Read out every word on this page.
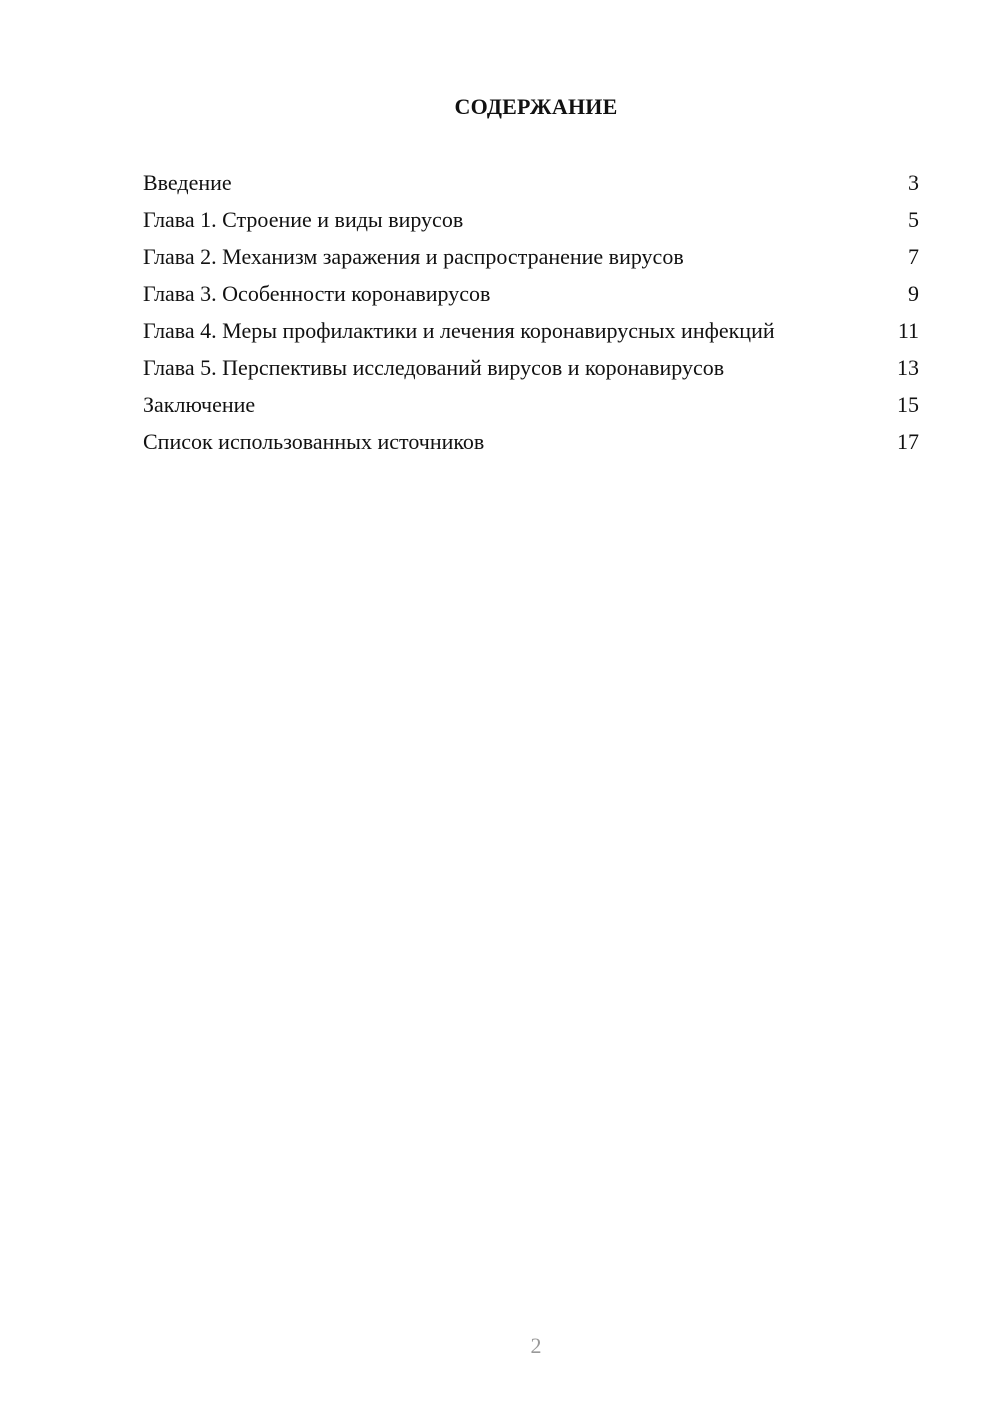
СОДЕРЖАНИЕ
Введение	3
Глава 1. Строение и виды вирусов	5
Глава 2. Механизм заражения и распространение вирусов	7
Глава 3. Особенности коронавирусов	9
Глава 4. Меры профилактики и лечения коронавирусных инфекций	11
Глава 5. Перспективы исследований вирусов и коронавирусов	13
Заключение	15
Список использованных источников	17
2
